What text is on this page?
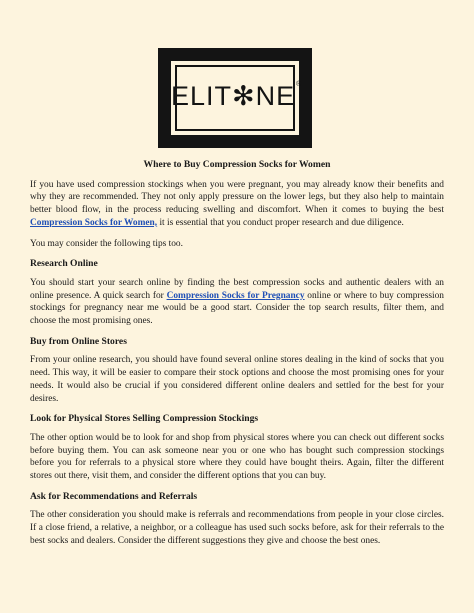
ELIT✻NE®
Where to Buy Compression Socks for Women

If you have used compression stockings when you were pregnant, you may already know their benefits and why they are recommended. They not only apply pressure on the lower legs, but they also help to maintain better blood flow, in the process reducing swelling and discomfort. When it comes to buying the best Compression Socks for Women, it is essential that you conduct proper research and due diligence.

You may consider the following tips too.

Research Online

You should start your search online by finding the best compression socks and authentic dealers with an online presence. A quick search for Compression Socks for Pregnancy online or where to buy compression stockings for pregnancy near me would be a good start. Consider the top search results, filter them, and choose the most promising ones.

Buy from Online Stores

From your online research, you should have found several online stores dealing in the kind of socks that you need. This way, it will be easier to compare their stock options and choose the most promising ones for your needs. It would also be crucial if you considered different online dealers and settled for the best for your desires.

Look for Physical Stores Selling Compression Stockings

The other option would be to look for and shop from physical stores where you can check out different socks before buying them. You can ask someone near you or one who has bought such compression stockings before you for referrals to a physical store where they could have bought theirs. Again, filter the different stores out there, visit them, and consider the different options that you can buy.

Ask for Recommendations and Referrals

The other consideration you should make is referrals and recommendations from people in your close circles. If a close friend, a relative, a neighbor, or a colleague has used such socks before, ask for their referrals to the best socks and dealers. Consider the different suggestions they give and choose the best ones.
